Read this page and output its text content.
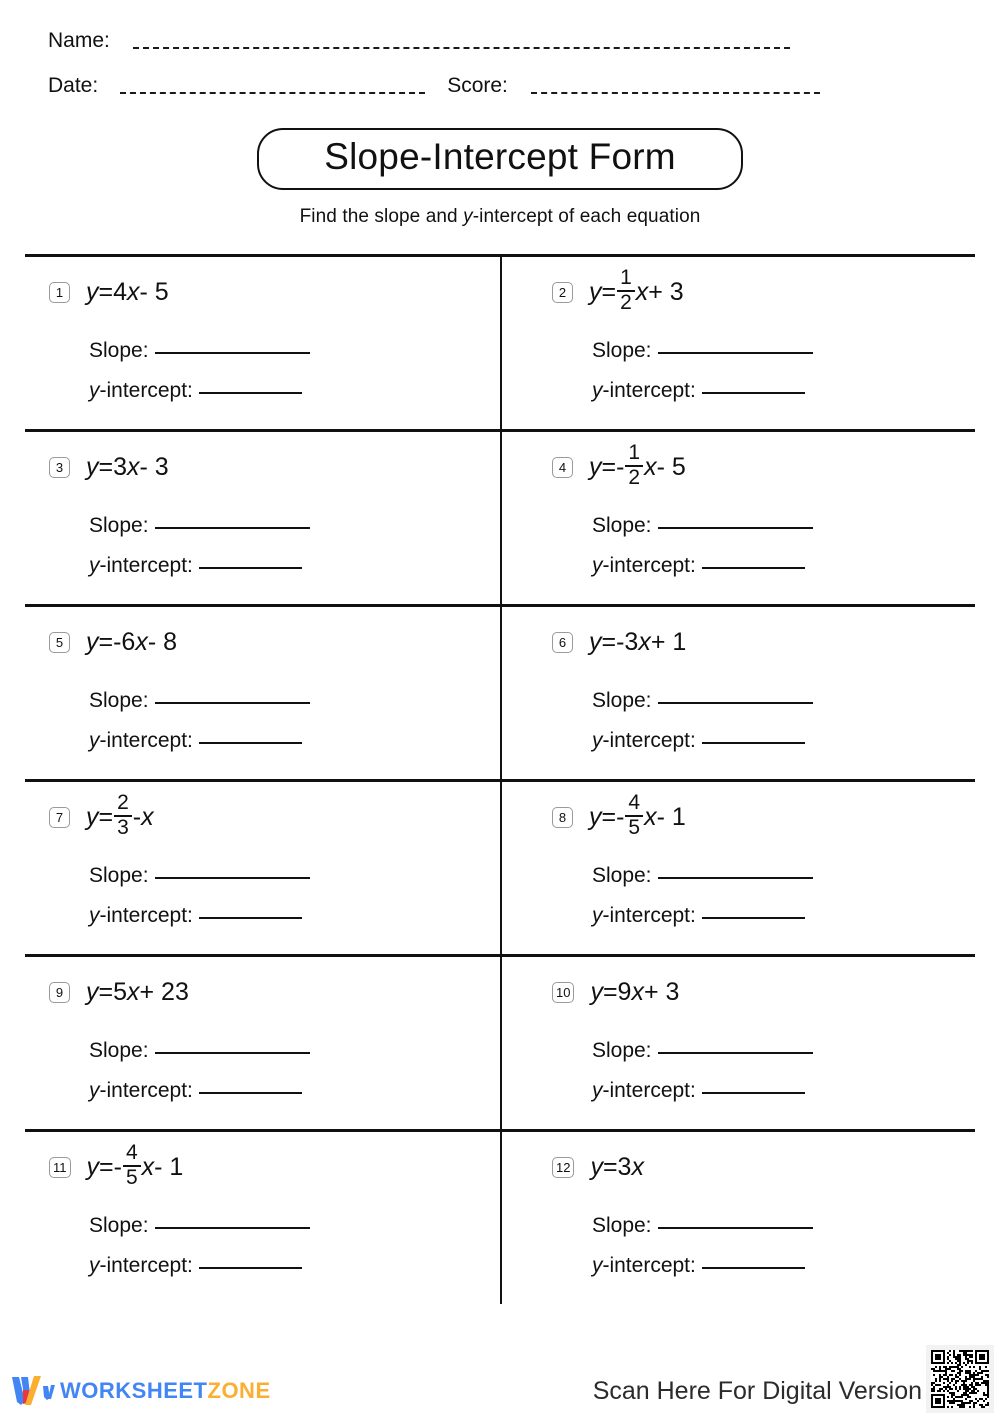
Name:
Date:	Score:
Slope-Intercept Form
Find the slope and y-intercept of each equation
1 y = 4 x - 5
Slope:
y -intercept:
2 $y = \frac{1}{2}$ x + 3
Slope:
y -intercept:
3 y = 3 x - 3
Slope:
y -intercept:
4 y = - $\frac{1}{2}$ x - 5
Slope:
y -intercept:
5 y = -6 x - 8
Slope:
y -intercept:
6 y = -3 x + 1
Slope:
y -intercept:
7 $y = \frac{2}{3} - x$
Slope:
y -intercept:
8 y = - $\frac{4}{5}$ x - 1
Slope:
y -intercept:
9 y = 5 x + 23
Slope:
y -intercept:
10 y = 9 x + 3
Slope:
y -intercept:
11 y = - $\frac{4}{5}$ x - 1
Slope:
y -intercept:
12 y = 3 x
Slope:
y -intercept:
WORKSHEETZONE	Scan Here For Digital Version
